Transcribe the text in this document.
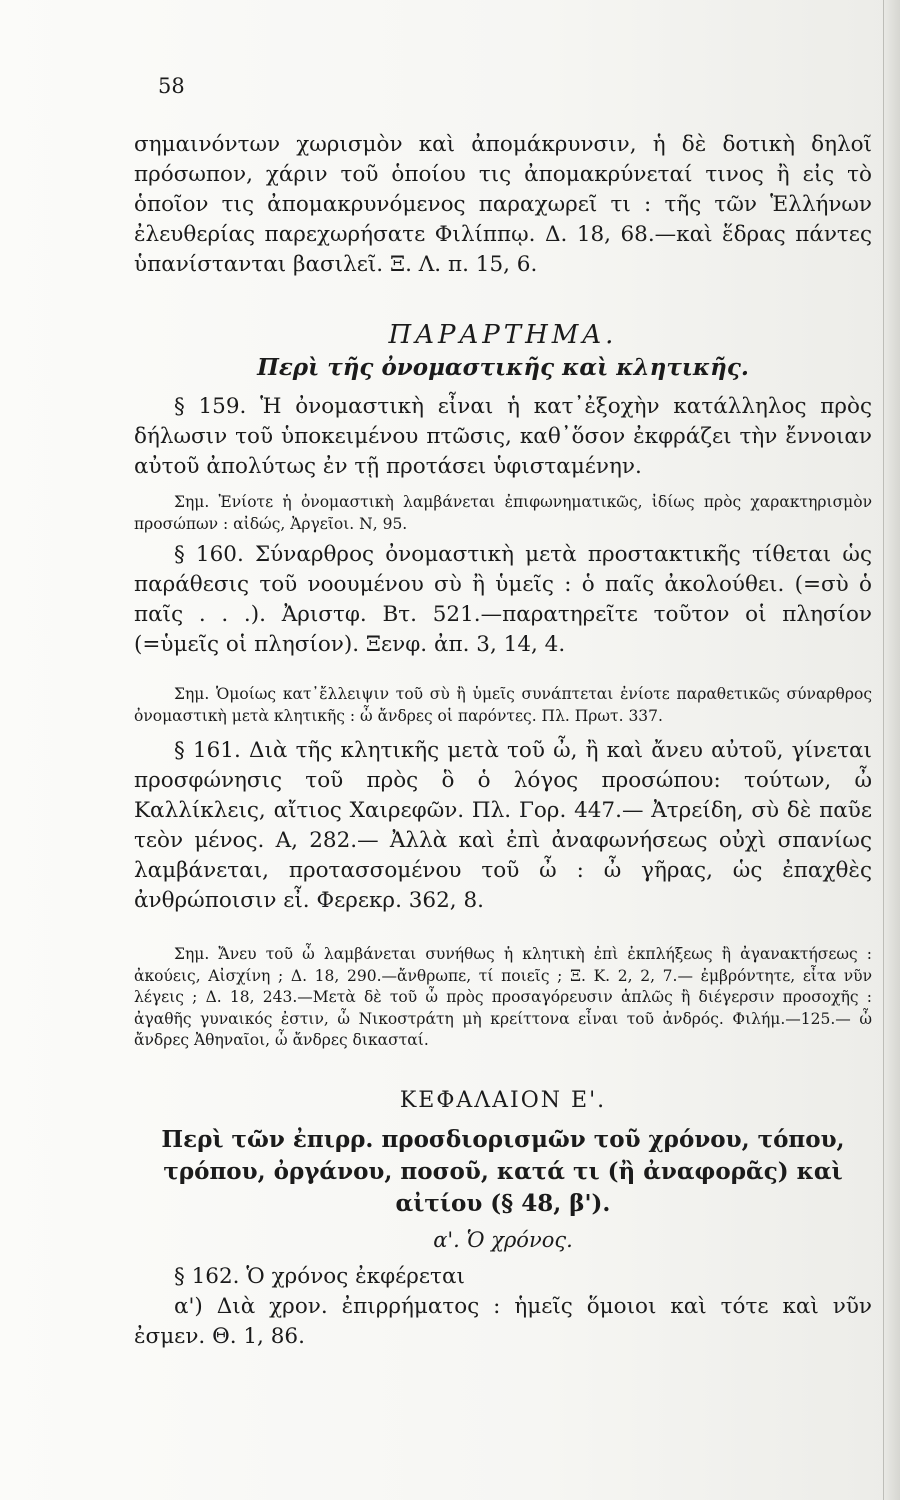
58

σημαινόντων χωρισμὸν καὶ ἀπομάκρυνσιν, ἡ δὲ δοτικὴ δηλοῖ πρόσωπον, χάριν τοῦ ὁποίου τις ἀπομακρύνεταί τινος ἢ εἰς τὸ ὁποῖον τις ἀπομακρυνόμενος παραχωρεῖ τι : τῆς τῶν Ἑλλήνων ἐλευθερίας παρεχωρήσατε Φιλίππῳ. Δ. 18, 68.—καὶ ἕδρας πάντες ὑπανίστανται βασιλεῖ. Ξ. Λ. π. 15, 6.

ΠΑΡΑΡΤΗΜΑ.

Περὶ τῆς ὀνομαστικῆς καὶ κλητικῆς.

§ 159. Ἡ ὀνομαστικὴ εἶναι ἡ κατ᾽ἐξοχὴν κατάλληλος πρὸς δήλωσιν τοῦ ὑποκειμένου πτῶσις, καθ᾽ὅσον ἐκφράζει τὴν ἔννοιαν αὐτοῦ ἀπολύτως ἐν τῇ προτάσει ὑφισταμένην.

Σημ. Ἐνίοτε ἡ ὀνομαστικὴ λαμβάνεται ἐπιφωνηματικῶς, ἰδίως πρὸς χαρακτηρισμὸν προσώπων : αἰδώς, Ἀργεῖοι. Ν, 95.

§ 160. Σύναρθρος ὀνομαστικὴ μετὰ προστακτικῆς τίθεται ὡς παράθεσις τοῦ νοουμένου σὺ ἢ ὑμεῖς : ὁ παῖς ἀκολούθει. (=σὺ ὁ παῖς . . .). Ἀριστφ. Βτ. 521.—παρατηρεῖτε τοῦτον οἱ πλησίον (=ὑμεῖς οἱ πλησίον). Ξενφ. ἀπ. 3, 14, 4.

Σημ. Ὁμοίως κατ᾽ἔλλειψιν τοῦ σὺ ἢ ὑμεῖς συνάπτεται ἐνίοτε παραθετικῶς σύναρθρος ὀνομαστικὴ μετὰ κλητικῆς : ὦ ἄνδρες οἱ παρόντες. Πλ. Πρωτ. 337.

§ 161. Διὰ τῆς κλητικῆς μετὰ τοῦ ὦ, ἢ καὶ ἄνευ αὐτοῦ, γίνεται προσφώνησις τοῦ πρὸς ὃ ὁ λόγος προσώπου: τούτων, ὦ Καλλίκλεις, αἴτιος Χαιρεφῶν. Πλ. Γορ. 447.— Ἀτρείδη, σὺ δὲ παῦε τεὸν μένος. Α, 282.— Ἀλλὰ καὶ ἐπὶ ἀναφωνήσεως οὐχὶ σπανίως λαμβάνεται, προτασσομένου τοῦ ὦ : ὦ γῆρας, ὡς ἐπαχθὲς ἀνθρώποισιν εἶ. Φερεκρ. 362, 8.

Σημ. Ἄνευ τοῦ ὦ λαμβάνεται συνήθως ἡ κλητικὴ ἐπὶ ἐκπλήξεως ἢ ἀγανακτήσεως : ἀκούεις, Αἰσχίνη ; Δ. 18, 290.—ἄνθρωπε, τί ποιεῖς ; Ξ. Κ. 2, 2, 7.— ἐμβρόντητε, εἶτα νῦν λέγεις ; Δ. 18, 243.—Μετὰ δὲ τοῦ ὦ πρὸς προσαγόρευσιν ἁπλῶς ἢ διέγερσιν προσοχῆς : ἀγαθῆς γυναικός ἐστιν, ὦ Νικοστράτη μὴ κρείττονα εἶναι τοῦ ἀνδρός. Φιλήμ.—125.— ὦ ἄνδρες Ἀθηναῖοι, ὦ ἄνδρες δικασταί.

ΚΕΦΑΛΑΙΟΝ Ε'.

Περὶ τῶν ἐπιρρ. προσδιορισμῶν τοῦ χρόνου, τόπου, τρόπου, ὀργάνου, ποσοῦ, κατά τι (ἢ ἀναφορᾶς) καὶ αἰτίου (§ 48, β').

α'. Ὁ χρόνος.

§ 162. Ὁ χρόνος ἐκφέρεται

α') Διὰ χρον. ἐπιρρήματος : ἡμεῖς ὅμοιοι καὶ τότε καὶ νῦν ἐσμεν. Θ. 1, 86.
